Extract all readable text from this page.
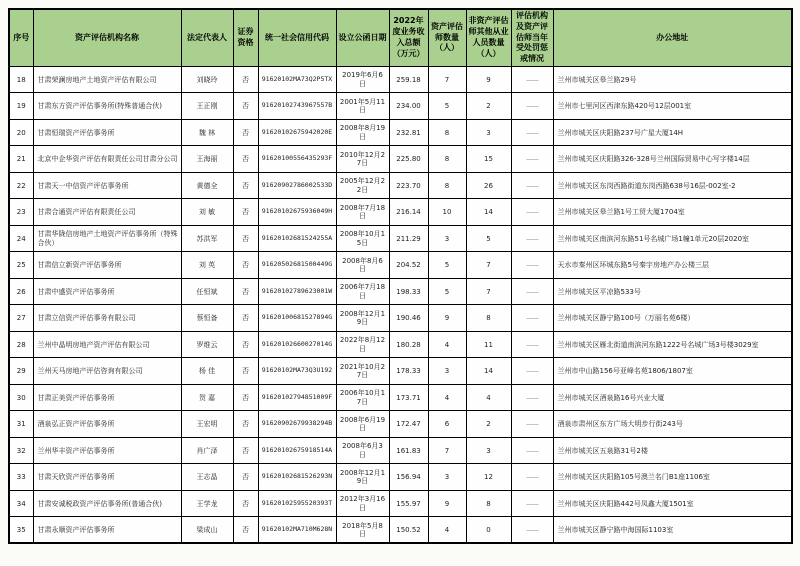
序号	资产评估机构名称	法定代表人	证券资格	统一社会信用代码	设立公函日期	2022年度业务收入总额（万元）	资产评估师数量（人）	非资产评估师其他从业人员数量（人）	评估机构及资产评估师当年受处罚惩戒情况	办公地址
18	甘肃荣澜房地产土地资产评估有限公司	刘晓玲	否	91620102MA73Q2P5TX	2019年6月6日	259.18	7	9	——	兰州市城关区皋兰路29号
19	甘肃东方资产评估事务所(特殊普通合伙)	王正刚	否	91620102743967557B	2001年5月11日	234.00	5	2	——	兰州市七里河区西津东路420号12层001室
20	甘肃恒瑞资产评估事务所	魏 林	否	91620102675942020E	2008年8月19日	232.81	8	3	——	兰州市城关区庆阳路237号广星大厦14H
21	北京中企华资产评估有限责任公司甘肃分公司	王海丽	否	91620100556435293F	2010年12月27日	225.80	8	15	——	兰州市城关区庆阳路326-328号兰州国际贸易中心写字楼14层
22	甘肃天一中信资产评估事务所	黄德全	否	91620902786002533D	2005年12月22日	223.70	8	26	——	兰州市城关区东岗西路街道东岗西路638号16层-002室-2
23	甘肃合通资产评估有限责任公司	刘 敏	否	91620102675936049H	2008年7月18日	216.14	10	14	——	兰州市城关区皋兰路1号工贸大厦1704室
24	甘肃华陇信房地产土地资产评估事务所（特殊合伙）	苏洪军	否	91620102681524255A	2008年10月15日	211.29	3	5	——	兰州市城关区南滨河东路51号名城广场1幢1单元20层2020室
25	甘肃信立新资产评估事务所	刘 英	否	91620502681500449G	2008年8月6日	204.52	5	7	——	天水市秦州区环城东路5号秦宇房地产办公楼三层
26	甘肃中盛资产评估事务所	任恒斌	否	91620102789623001W	2006年7月18日	198.33	5	7	——	兰州市城关区平凉路533号
27	甘肃立信资产评估事务有限公司	蔡恒备	否	91620100681527894G	2008年12月19日	190.46	9	8	——	兰州市城关区静宁路100号（万丽名苑6楼）
28	兰州中晶明房地产资产评估有限公司	罗维云	否	91620102660027014G	2022年8月12日	180.28	4	11	——	兰州市城关区雁北街道南滨河东路1222号名城广场3号楼3029室
29	兰州天马房地产评估咨询有限公司	杨 佳	否	91620102MA73Q3U192	2021年10月27日	178.33	3	14	——	兰州市中山路156号亚峰名苑1806/1807室
30	甘肃正美资产评估事务所	贺 嘉	否	91620102794851009F	2006年10月17日	173.71	4	4	——	兰州市城关区酒泉路16号兴业大厦
31	酒泉弘正资产评估事务所	王宏明	否	91620902679938294B	2008年6月19日	172.47	6	2	——	酒泉市肃州区东方广场大明步行街243号
32	兰州华丰资产评估事务所	肖广泽	否	91620102675918514A	2008年6月3日	161.83	7	3	——	兰州市城关区五泉路31号2楼
33	甘肃天欣资产评估事务所	王志晶	否	91620102681526293N	2008年12月19日	156.94	3	12	——	兰州市城关区庆阳路105号澳兰名门B1座1106室
34	甘肃安诚税政资产评估事务所(普通合伙)	王学龙	否	91620102595520393T	2012年3月16日	155.97	9	8	——	兰州市城关区庆阳路442号凤鑫大厦1501室
35	甘肃永顺资产评估事务所	梁成山	否	91620102MA710M628N	2018年5月8日	150.52	4	0	——	兰州市城关区静宁路中海国际1103室
